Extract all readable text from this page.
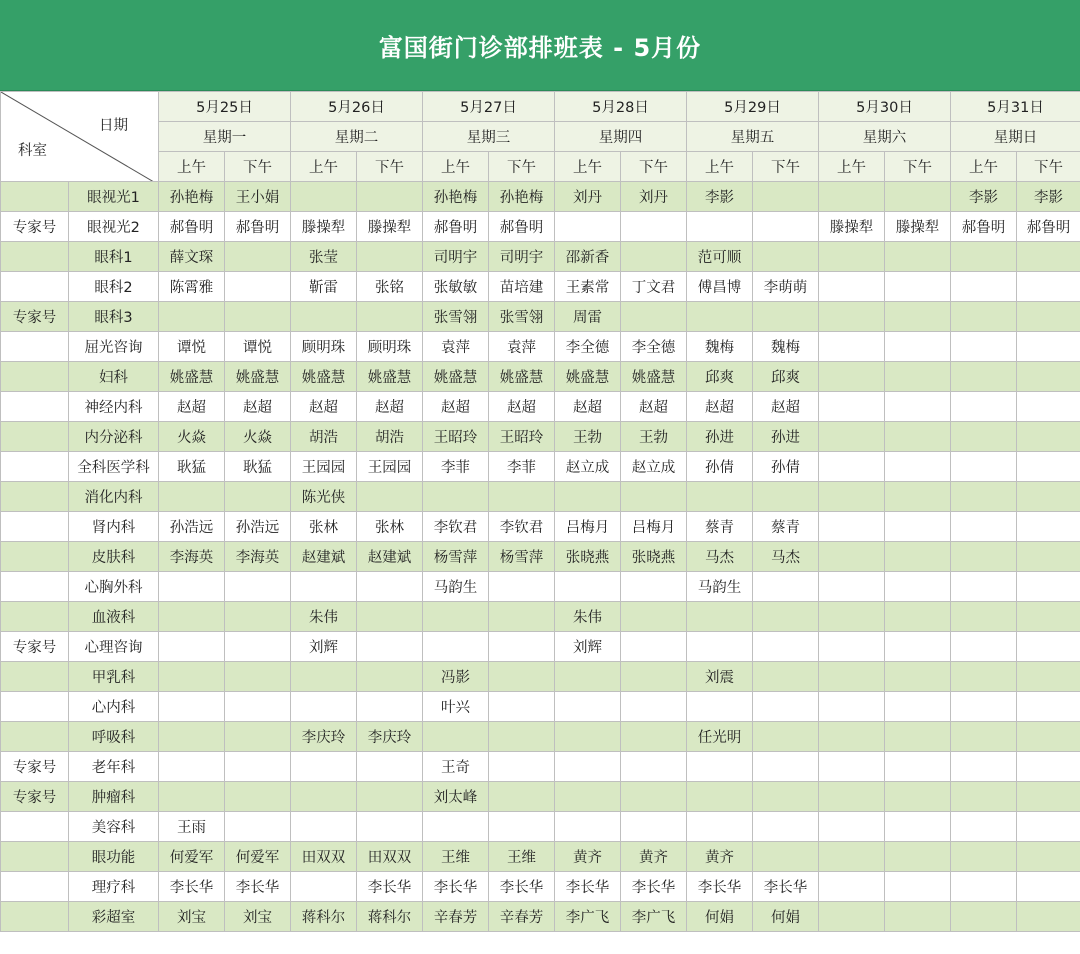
富国街门诊部排班表 - 5月份
日期
科室		5月25日		5月26日		5月27日		5月28日		5月29日		5月30日		5月31日	
		星期一		星期二		星期三		星期四		星期五		星期六		星期日	
		上午	下午	上午	下午	上午	下午	上午	下午	上午	下午	上午	下午	上午	下午
	眼视光1	孙艳梅	王小娟			孙艳梅	孙艳梅	刘丹	刘丹	李影				李影	李影
专家号	眼视光2	郝鲁明	郝鲁明	滕操犁	滕操犁	郝鲁明	郝鲁明					滕操犁	滕操犁	郝鲁明	郝鲁明
	眼科1	薛文琛		张莹		司明宇	司明宇	邵新香		范可顺					
	眼科2	陈霄雅		靳雷	张铭	张敏敏	苗培建	王素常	丁文君	傅昌博	李萌萌				
专家号	眼科3					张雪翎	张雪翎	周雷							
	屈光咨询	谭悦	谭悦	顾明珠	顾明珠	袁萍	袁萍	李全德	李全德	魏梅	魏梅				
	妇科	姚盛慧	姚盛慧	姚盛慧	姚盛慧	姚盛慧	姚盛慧	姚盛慧	姚盛慧	邱爽	邱爽				
	神经内科	赵超	赵超	赵超	赵超	赵超	赵超	赵超	赵超	赵超	赵超				
	内分泌科	火焱	火焱	胡浩	胡浩	王昭玲	王昭玲	王勃	王勃	孙进	孙进				
	全科医学科	耿猛	耿猛	王园园	王园园	李菲	李菲	赵立成	赵立成	孙倩	孙倩				
	消化内科			陈光侠											
	肾内科	孙浩远	孙浩远	张林	张林	李钦君	李钦君	吕梅月	吕梅月	蔡青	蔡青				
	皮肤科	李海英	李海英	赵建斌	赵建斌	杨雪萍	杨雪萍	张晓燕	张晓燕	马杰	马杰				
	心胸外科					马韵生				马韵生					
	血液科			朱伟				朱伟							
专家号	心理咨询			刘辉				刘辉							
	甲乳科					冯影				刘震					
	心内科					叶兴									
	呼吸科			李庆玲	李庆玲					任光明					
专家号	老年科					王奇									
专家号	肿瘤科					刘太峰									
	美容科	王雨													
	眼功能	何爱军	何爱军	田双双	田双双	王维	王维	黄齐	黄齐	黄齐					
	理疗科	李长华	李长华		李长华	李长华	李长华	李长华	李长华	李长华	李长华				
	彩超室	刘宝	刘宝	蒋科尔	蒋科尔	辛春芳	辛春芳	李广飞	李广飞	何娟	何娟				
